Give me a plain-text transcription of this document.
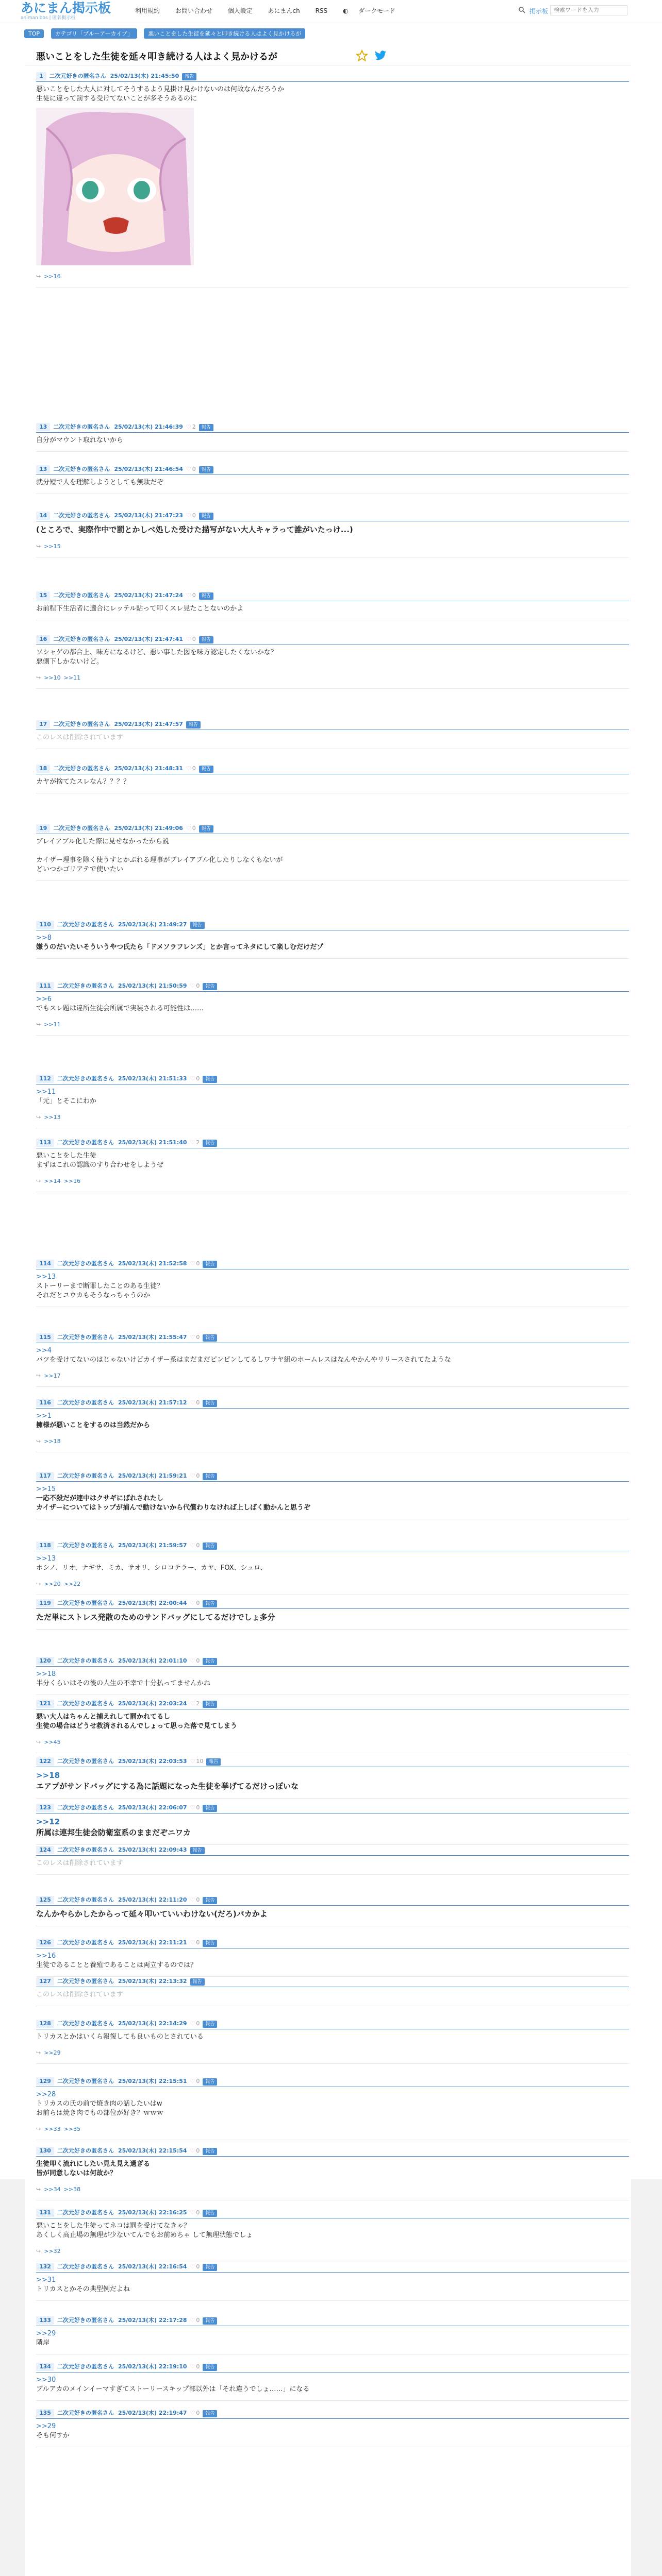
あにまん掲示板
animan bbs | 匿名掲示板
利用規約 お問い合わせ 個人設定 あにまんch RSS ◐ ダークモード	掲示板
検索ワードを入力
TOP	カテゴリ「ブルーアーカイブ」	悪いことをした生徒を延々と叩き続ける人はよく見かけるが
悪いことをした生徒を延々叩き続ける人はよく見かけるが
1 二次元好きの匿名さん 25/02/13(木) 21:45:50 報告
悪いことをした大人に対してそうするよう見掛け見かけないのは何故なんだろうか
生徒に違って罰する受けてないことが多そうあるのに
↪ >>16
13 二次元好きの匿名さん 25/02/13(木) 21:46:39 ♡ 2 報告
自分がマウント取れないから
13 二次元好きの匿名さん 25/02/13(木) 21:46:54 ♡ 0 報告
就分短で人を理解しようとしても無駄だぞ
14 二次元好きの匿名さん 25/02/13(木) 21:47:23 ♡ 0 報告
(ところで、実際作中で罰とかしべ処した受けた描写がない大人キャラって誰がいたっけ...)
↪ >>15
15 二次元好きの匿名さん 25/02/13(木) 21:47:24 ♡ 0 報告
お前程下生活者に適合にレッテル貼って叩くスレ見たことないのかよ
16 二次元好きの匿名さん 25/02/13(木) 21:47:41 ♡ 0 報告
ソシャゲの都合上、味方になるけど、悪い事した図を味方認定したくないかな？
悪側下しかないけど。
↪ >>10 >>11
17 二次元好きの匿名さん 25/02/13(木) 21:47:57 報告
このレスは削除されています
18 二次元好きの匿名さん 25/02/13(木) 21:48:31 ♡ 0 報告
カヤが捨てたスレなん？？？？
19 二次元好きの匿名さん 25/02/13(木) 21:49:06 ♡ 0 報告
ブレイアブル化した際に見せなかったから説
カイザー理事を除く使うすとかぶれる理事がブレイアブル化したりしなくもないが
どいつかゴリアテで使いたい
110 二次元好きの匿名さん 25/02/13(木) 21:49:27 報告
>>8
嫌うのだいたいそういうやつ氏たら「ドメソラフレンズ」とか言ってネタにして楽しむだけだゾ
111 二次元好きの匿名さん 25/02/13(木) 21:50:59 ♡ 0 報告
>>6
でもスレ題は違所生徒会所属で実装される可能性は……
↪ >>11
112 二次元好きの匿名さん 25/02/13(木) 21:51:33 ♡ 0 報告
>>11
「元」とそこにわか
↪ >>13
113 二次元好きの匿名さん 25/02/13(木) 21:51:40 ♡ 2 報告
悪いことをした生徒
まずはこれの認識のすり合わせをしようぜ
↪ >>14 >>16
114 二次元好きの匿名さん 25/02/13(木) 21:52:58 ♡ 0 報告
>>13
ストーリーまで断罪したことのある生徒？
それだとユウカもそうなっちゃうのか
115 二次元好きの匿名さん 25/02/13(木) 21:55:47 ♡ 0 報告
>>4
バツを受けてないのはじゃないけどカイザー系はまだまだピンピンしてるしワサヤ組のホームレスはなんやかんやリリースされてたような
↪ >>17
116 二次元好きの匿名さん 25/02/13(木) 21:57:12 ♡ 0 報告
>>1
擁様が悪いことをするのは当然だから
↪ >>18
117 二次元好きの匿名さん 25/02/13(木) 21:59:21 ♡ 0 報告
>>15
一応不殺だが連中はクサギにばれされたし
カイザーについてはトップが捕んで動けないから代償わりなければ上しばく動かんと思うぞ
118 二次元好きの匿名さん 25/02/13(木) 21:59:57 ♡ 0 報告
>>13
ホシノ、リオ、ナギサ、ミカ、サオリ、シロコテラー、カヤ、FOX、シュロ、
↪ >>20 >>22
119 二次元好きの匿名さん 25/02/13(木) 22:00:44 ♡ 0 報告
ただ単にストレス発散のためのサンドバッグにしてるだけでしょ多分
120 二次元好きの匿名さん 25/02/13(木) 22:01:10 ♡ 0 報告
>>18
半分くらいはその後の人生の不幸で十分払ってませんかね
121 二次元好きの匿名さん 25/02/13(木) 22:03:24 ♡ 2 報告
悪い大人はちゃんと捕えれして罰かれてるし
生徒の場合はどうせ救済されるんでしょって思った落で見てしまう
↪ >>45
122 二次元好きの匿名さん 25/02/13(木) 22:03:53 ♡ 10 報告
>>18
エアプがサンドバッグにする為に話題になった生徒を挙げてるだけっぽいな
123 二次元好きの匿名さん 25/02/13(木) 22:06:07 ♡ 0 報告
>>12
所属は連邦生徒会防衛室系のままだぞニワカ
124 二次元好きの匿名さん 25/02/13(木) 22:09:43 報告
このレスは削除されています
125 二次元好きの匿名さん 25/02/13(木) 22:11:20 ♡ 0 報告
なんかやらかしたからって延々叩いていいわけない(だろ)バカかよ
126 二次元好きの匿名さん 25/02/13(木) 22:11:21 ♡ 0 報告
>>16
生徒であることと養殖であることは両立するのでは？
127 二次元好きの匿名さん 25/02/13(木) 22:13:32 報告
このレスは削除されています
128 二次元好きの匿名さん 25/02/13(木) 22:14:29 ♡ 0 報告
トリカスとかはいくら報復しても良いものとされている
↪ >>29
129 二次元好きの匿名さん 25/02/13(木) 22:15:51 ♡ 0 報告
>>28
トリカスの氏の前で焼き肉の話したいはw
お前らは焼き肉でもの部位が好き？ｗｗｗ
↪ >>33 >>35
130 二次元好きの匿名さん 25/02/13(木) 22:15:54 ♡ 0 報告
生徒叩く流れにしたい見え見え過ぎる
皆が同意しないは何故か？
↪ >>34 >>38
131 二次元好きの匿名さん 25/02/13(木) 22:16:25 ♡ 0 報告
悪いことをした生徒ってネコは罰を受けてなきゃ？
あくしく高止場の無理が少ないてんでもお前めちゃ して無理状態でしょ
↪ >>32
132 二次元好きの匿名さん 25/02/13(木) 22:16:54 ♡ 0 報告
>>31
トリカスとかその典型例だよね
133 二次元好きの匿名さん 25/02/13(木) 22:17:28 ♡ 0 報告
>>29
隣岸
134 二次元好きの匿名さん 25/02/13(木) 22:19:10 ♡ 0 報告
>>30
ブルアカのメインイーマすぎてストーリースキップ部以外は「それ違うでしょ……」になる
135 二次元好きの匿名さん 25/02/13(木) 22:19:47 ♡ 0 報告
>>29
そも何すか
